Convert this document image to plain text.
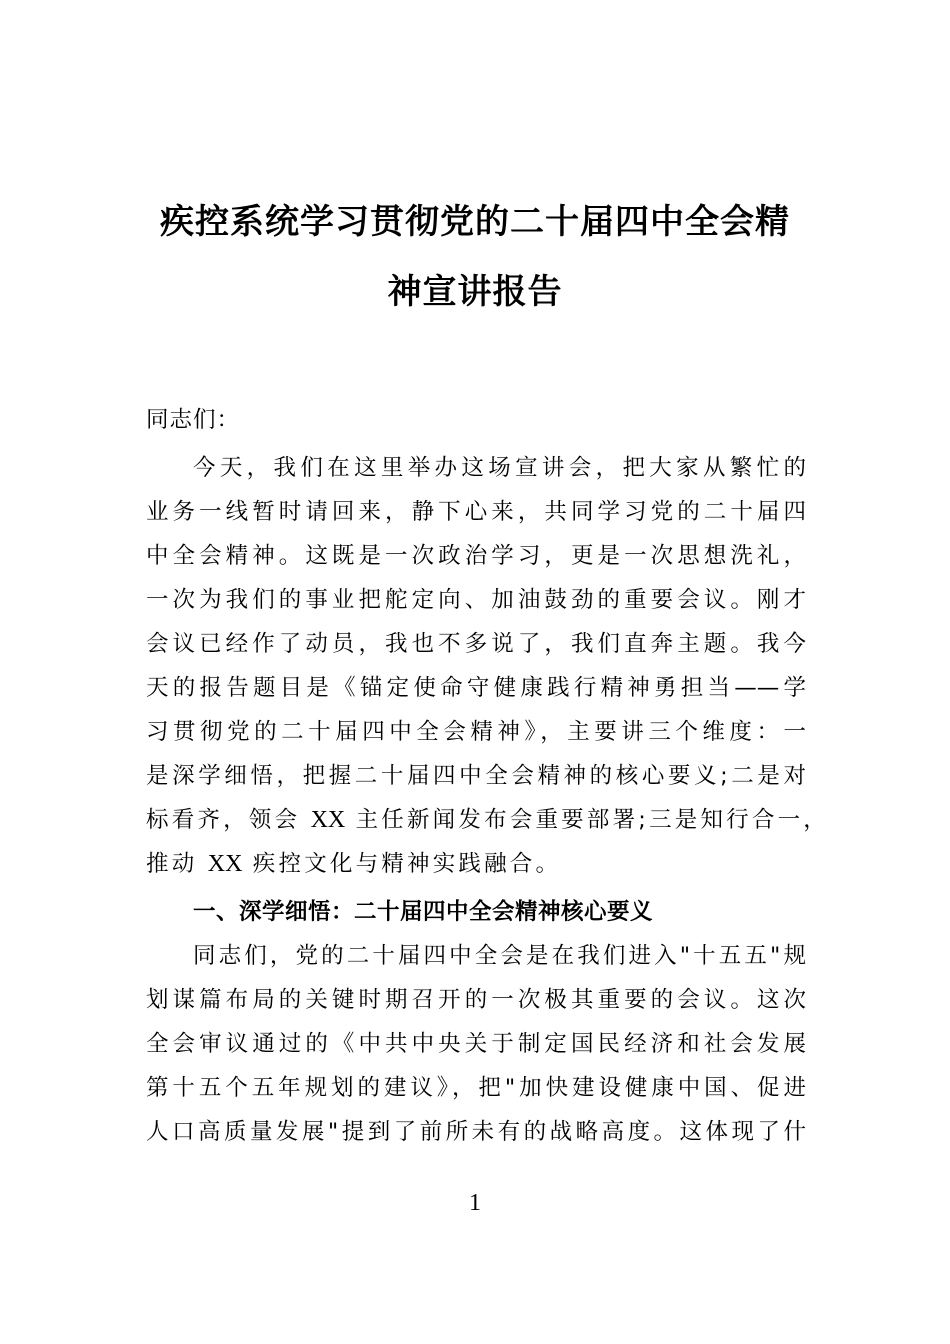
疾控系统学习贯彻党的二十届四中全会精
神宣讲报告
同志们：
今天，我们在这里举办这场宣讲会，把大家从繁忙的
业务一线暂时请回来，静下心来，共同学习党的二十届四
中全会精神。这既是一次政治学习，更是一次思想洗礼，
一次为我们的事业把舵定向、加油鼓劲的重要会议。刚才
会议已经作了动员，我也不多说了，我们直奔主题。我今
天的报告题目是《锚定使命守健康践行精神勇担当——学
习贯彻党的二十届四中全会精神》，主要讲三个维度：一
是深学细悟，把握二十届四中全会精神的核心要义;二是对
标看齐，领会 XX 主任新闻发布会重要部署;三是知行合一，
推动 XX 疾控文化与精神实践融合。
一、深学细悟：二十届四中全会精神核心要义
同志们，党的二十届四中全会是在我们进入"十五五"规
划谋篇布局的关键时期召开的一次极其重要的会议。这次
全会审议通过的《中共中央关于制定国民经济和社会发展
第十五个五年规划的建议》，把"加快建设健康中国、促进
人口高质量发展"提到了前所未有的战略高度。这体现了什
1
